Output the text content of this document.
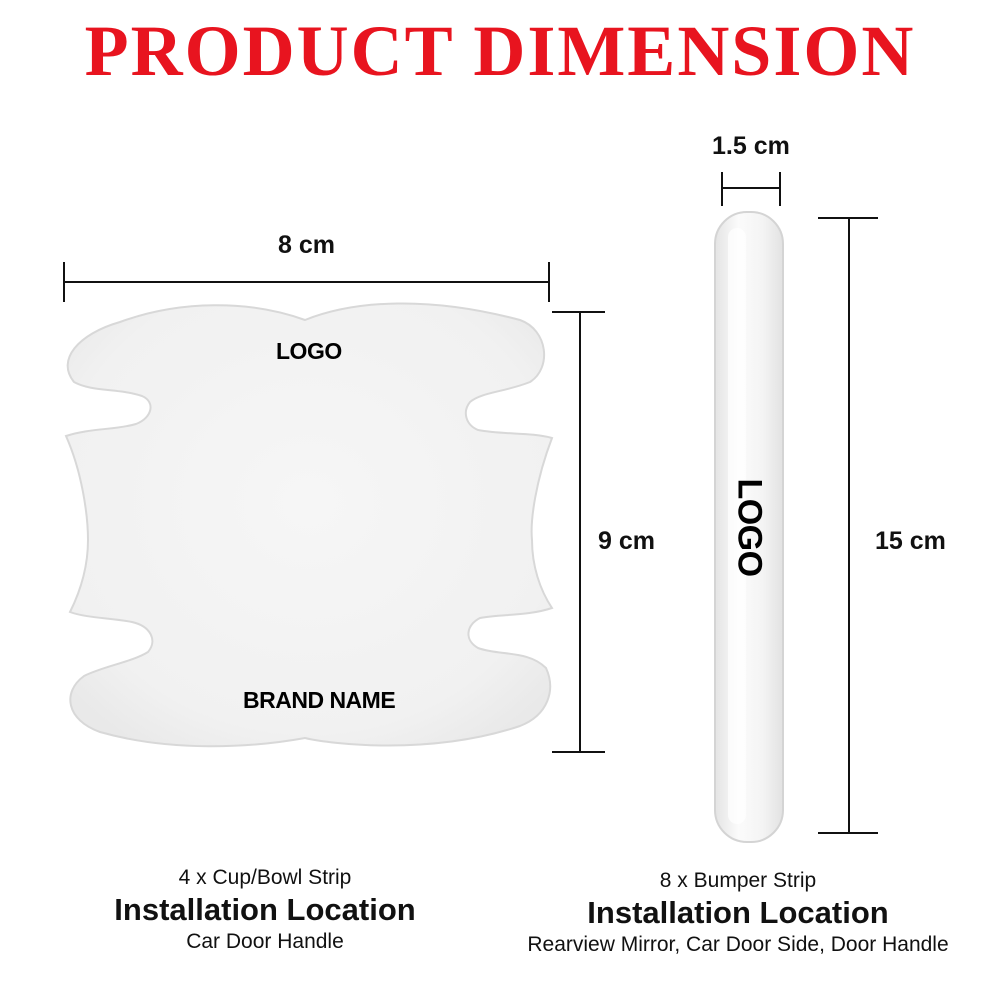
PRODUCT DIMENSION
8 cm
9 cm
1.5 cm
15 cm
LOGO
BRAND NAME
LOGO
4 x Cup/Bowl Strip
Installation Location
Car Door Handle
8 x Bumper Strip
Installation Location
Rearview Mirror, Car Door Side, Door Handle
